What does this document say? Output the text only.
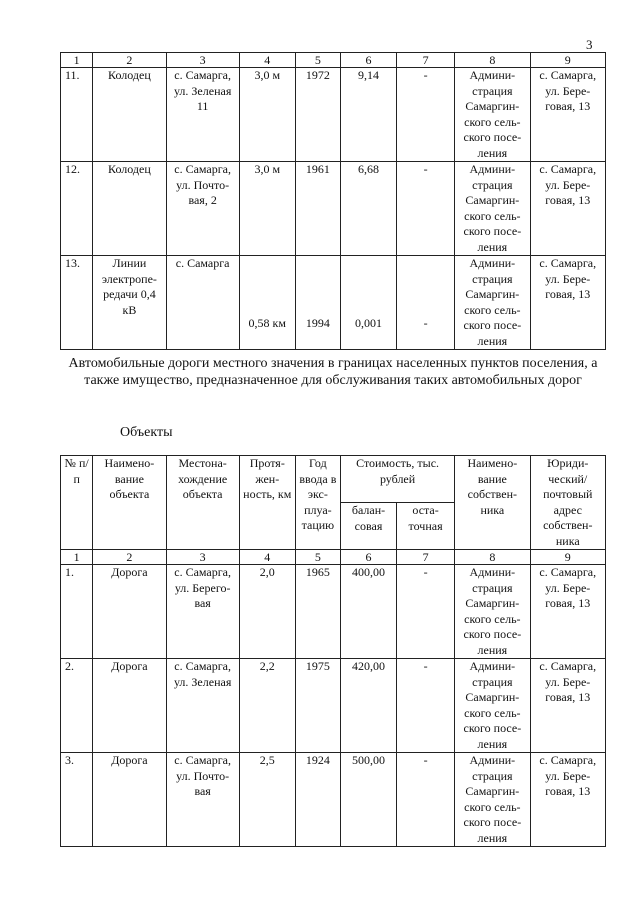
3
1	2	3	4	5	6	7	8	9
11.	Колодец	с. Самарга, ул. Зеленая 11	3,0 м	1972	9,14	-	Админи-страция Самаргин-ского сель-ского посе-ления	с. Самарга, ул. Бере-говая, 13
12.	Колодец	с. Самарга, ул. Почто-вая, 2	3,0 м	1961	6,68	-	Админи-страция Самаргин-ского сель-ского посе-ления	с. Самарга, ул. Бере-говая, 13
13.	Линии электропе-редачи 0,4 кВ	с. Самарга	0,58 км	1994	0,001	-	Админи-страция Самаргин-ского сель-ского посе-ления	с. Самарга, ул. Бере-говая, 13
Автомобильные дороги местного значения в границах населенных пунктов поселения, а также имущество, предназначенное для обслуживания таких автомобильных дорог
Объекты
№ п/п	Наимено-вание объекта	Местона-хождение объекта	Протя-жен-ность, км	Год ввода в экс-плуа-тацию	Стоимость, тыс. рублей		Наимено-вание собствен-ника	Юриди-ческий/ почтовый адрес собствен-ника
					балан-совая	оста-точная		
1	2	3	4	5	6	7	8	9
1.	Дорога	с. Самарга, ул. Берего-вая	2,0	1965	400,00	-	Админи-страция Самаргин-ского сель-ского посе-ления	с. Самарга, ул. Бере-говая, 13
2.	Дорога	с. Самарга, ул. Зеленая	2,2	1975	420,00	-	Админи-страция Самаргин-ского сель-ского посе-ления	с. Самарга, ул. Бере-говая, 13
3.	Дорога	с. Самарга, ул. Почто-вая	2,5	1924	500,00	-	Админи-страция Самаргин-ского сель-ского посе-ления	с. Самарга, ул. Бере-говая, 13
